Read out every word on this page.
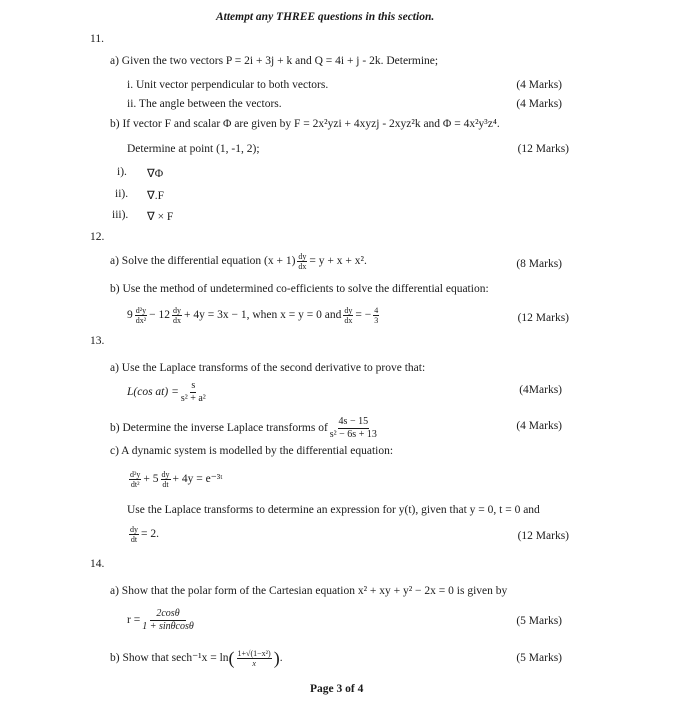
Attempt any THREE questions in this section.
11.
a) Given the two vectors P = 2i + 3j + k and Q = 4i + j - 2k. Determine;
i. Unit vector perpendicular to both vectors.	(4 Marks)
ii. The angle between the vectors.	(4 Marks)
b) If vector F and scalar Φ are given by F = 2x²yzi + 4xyzj - 2xyz²k and Φ = 4x²y³z⁴.
Determine at point (1, -1, 2);	(12 Marks)
i). ∇Φ
ii). ∇.F
iii). ∇ × F
12.
a) Solve the differential equation $(x + 1) \frac{dy}{dx} = y + x + x^2$.	(8 Marks)
b) Use the method of undetermined co-efficients to solve the differential equation:
$9 \frac{\text{d²y}}{\text{dx²}} - 12 \frac{dy}{dx} + 4y = 3x - 1$, when x = y = 0 and $\frac{dy}{dx}$ = − $\frac{4}{3}$	(12 Marks)
13.
a) Use the Laplace transforms of the second derivative to prove that:
L(cos $at) = \frac{s}{\text{s² + a²}}$	(4Marks)
b) Determine the inverse Laplace transforms of $\frac{4s - 15}{\text{s² − 6s + 13}}$	(4 Marks)
c) A dynamic system is modelled by the differential equation:
$\frac{\text{d²y}}{\text{dt²}} + 5 \frac{dy}{dt} + 4y$ = e⁻³ᵗ
Use the Laplace transforms to determine an expression for y(t), given that y = 0, t = 0 and
$\frac{dy}{dt} = 2$.	(12 Marks)
14.
a) Show that the polar form of the Cartesian equation x² + xy + y² − 2x = 0 is given by
$r = \frac{2\cos\theta}{1 + \sin\theta\cos\theta}$	(5 Marks)
b) Show that $\sec h^{-1}x = \ln( \frac{\text{1+√(1−x²)}}{x}$ ).	(5 Marks)
Page 3 of 4
